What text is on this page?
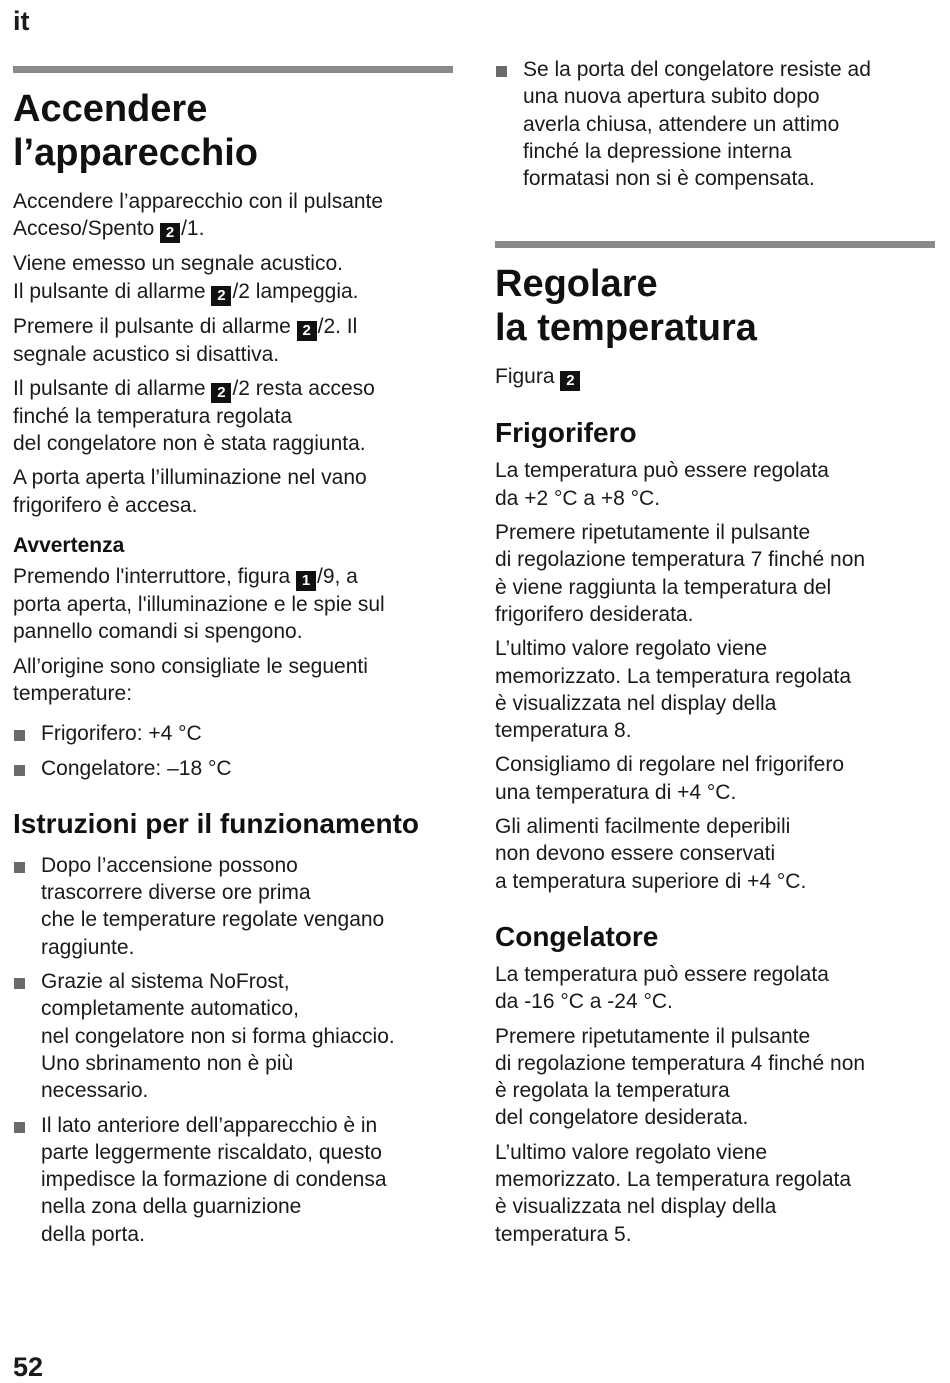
it
Accendere
l’apparecchio

Accendere l’apparecchio con il pulsante
Acceso/Spento 2 /1.

Viene emesso un segnale acustico.
Il pulsante di allarme 2 /2 lampeggia.

Premere il pulsante di allarme 2 /2. Il
segnale acustico si disattiva.

Il pulsante di allarme 2 /2 resta acceso
finché la temperatura regolata
del congelatore non è stata raggiunta.

A porta aperta l’illuminazione nel vano
frigorifero è accesa.

Avvertenza

Premendo l'interruttore, figura 1 /9, a
porta aperta, l'illuminazione e le spie sul
pannello comandi si spengono.

All’origine sono consigliate le seguenti
temperature:

Frigorifero: +4 °C
Congelatore: –18 °C
Istruzioni per il funzionamento
Dopo l’accensione possono
trascorrere diverse ore prima
che le temperature regolate vengano
raggiunte.
Grazie al sistema NoFrost,
completamente automatico,
nel congelatore non si forma ghiaccio.
Uno sbrinamento non è più
necessario.
Il lato anteriore dell’apparecchio è in
parte leggermente riscaldato, questo
impedisce la formazione di condensa
nella zona della guarnizione
della porta.
Se la porta del congelatore resiste ad
una nuova apertura subito dopo
averla chiusa, attendere un attimo
finché la depressione interna
formatasi non si è compensata.
Regolare
la temperatura

Figura 2

Frigorifero

La temperatura può essere regolata
da +2 °C a +8 °C.

Premere ripetutamente il pulsante
di regolazione temperatura 7 finché non
è viene raggiunta la temperatura del
frigorifero desiderata.

L’ultimo valore regolato viene
memorizzato. La temperatura regolata
è visualizzata nel display della
temperatura 8.

Consigliamo di regolare nel frigorifero
una temperatura di +4 °C.

Gli alimenti facilmente deperibili
non devono essere conservati
a temperatura superiore di +4 °C.

Congelatore

La temperatura può essere regolata
da -16 °C a -24 °C.

Premere ripetutamente il pulsante
di regolazione temperatura 4 finché non
è regolata la temperatura
del congelatore desiderata.

L’ultimo valore regolato viene
memorizzato. La temperatura regolata
è visualizzata nel display della
temperatura 5.

52
